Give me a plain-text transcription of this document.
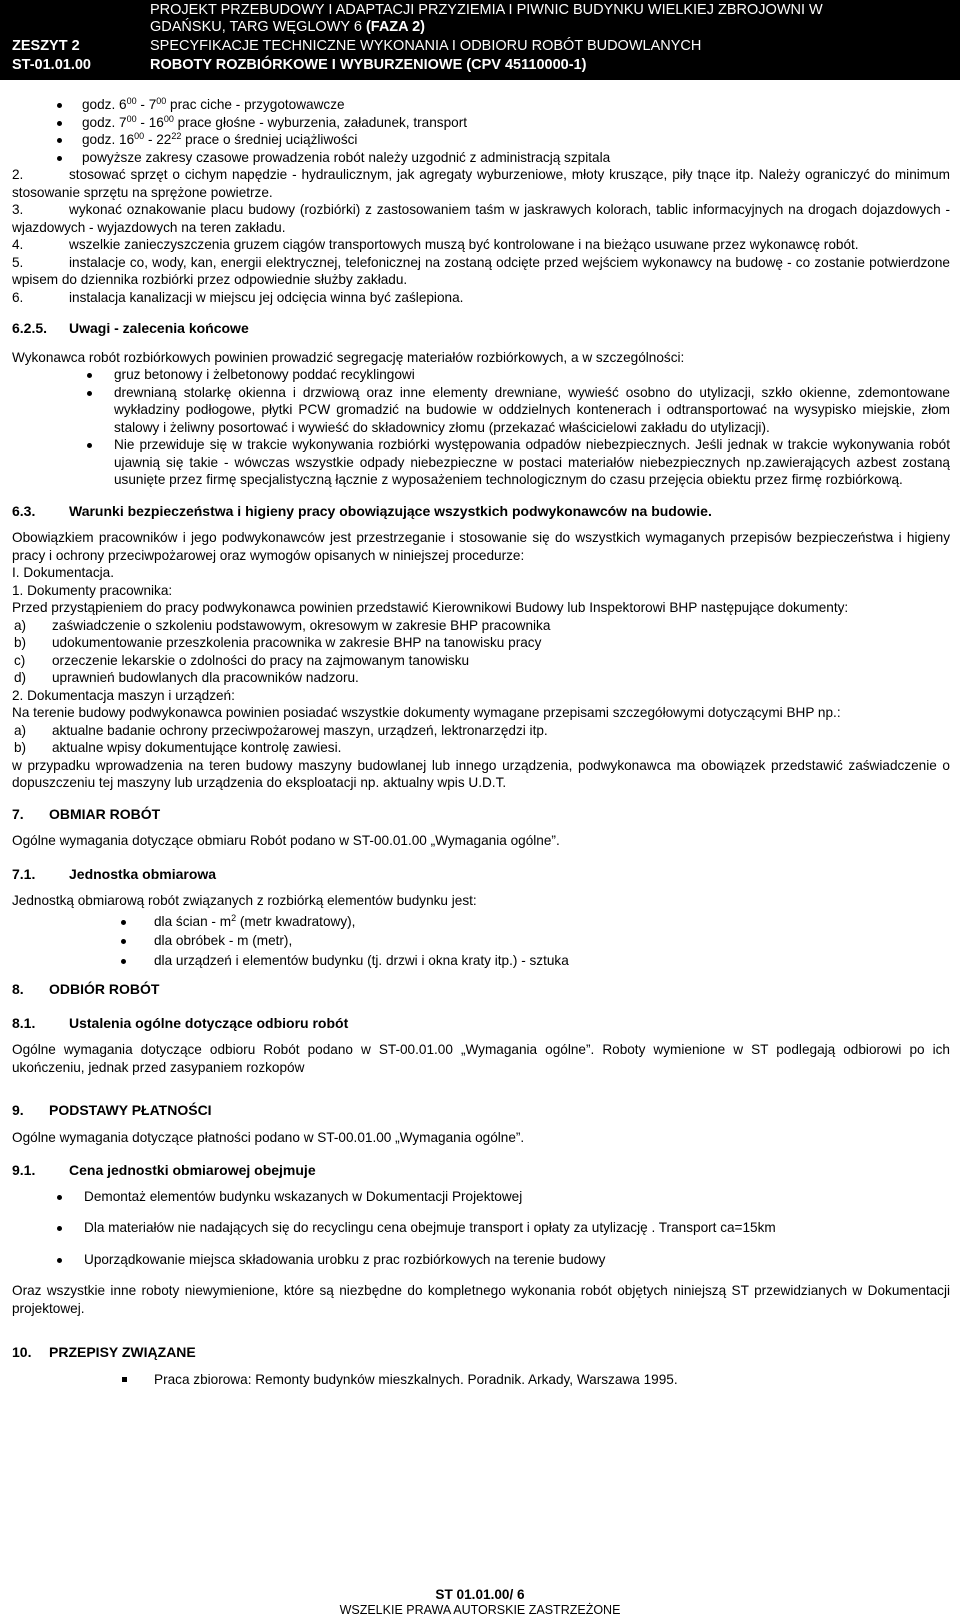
PROJEKT PRZEBUDOWY I ADAPTACJI PRZYZIEMIA I PIWNIC BUDYNKU WIELKIEJ ZBROJOWNI W
GDAŃSKU, TARG WĘGLOWY 6 (FAZA 2)
ZESZYT 2	SPECYFIKACJE TECHNICZNE WYKONANIA I ODBIORU ROBÓT BUDOWLANYCH
ST-01.01.00	ROBOTY ROZBIÓRKOWE I WYBURZENIOWE (CPV 45110000-1)
godz. $6^{00} - 7^{00}$ prac ciche - przygotowawcze
godz. $7^{00} - 16^{00}$ prace głośne - wyburzenia, załadunek, transport
godz. $16^{00} - 22^{22}$ prace o średniej uciążliwości
powyższe zakresy czasowe prowadzenia robót należy uzgodnić z administracją szpitala

2.	stosować sprzęt o cichym napędzie - hydraulicznym, jak agregaty wyburzeniowe, młoty kruszące, piły tnące itp. Należy ograniczyć do minimum stosowanie sprzętu na sprężone powietrze.

3.	wykonać oznakowanie placu budowy (rozbiórki) z zastosowaniem taśm w jaskrawych kolorach, tablic informacyjnych na drogach dojazdowych -wjazdowych - wyjazdowych na teren zakładu.

4.	wszelkie zanieczyszczenia gruzem ciągów transportowych muszą być kontrolowane i na bieżąco usuwane przez wykonawcę robót.

5.	instalacje co, wody, kan, energii elektrycznej, telefonicznej na zostaną odcięte przed wejściem wykonawcy na budowę - co zostanie potwierdzone wpisem do dziennika rozbiórki przez odpowiednie służby zakładu.

6.	instalacja kanalizacji w miejscu jej odcięcia winna być zaślepiona.

6.2.5. Uwagi - zalecenia końcowe

Wykonawca robót rozbiórkowych powinien prowadzić segregację materiałów rozbiórkowych, a w szczególności:

gruz betonowy i żelbetonowy poddać recyklingowi
drewnianą stolarkę okienna i drzwiową oraz inne elementy drewniane, wywieść osobno do utylizacji, szkło okienne, zdemontowane wykładziny podłogowe, płytki PCW gromadzić na budowie w oddzielnych kontenerach i odtransportować na wysypisko miejskie, złom stalowy i żeliwny posortować i wywieść do składownicy złomu (przekazać właścicielowi zakładu do utylizacji).
Nie przewiduje się w trakcie wykonywania rozbiórki występowania odpadów niebezpiecznych. Jeśli jednak w trakcie wykonywania robót ujawnią się takie - wówczas wszystkie odpady niebezpieczne w postaci materiałów niebezpiecznych np.zawierających azbest zostaną usunięte przez firmę specjalistyczną łącznie z wyposażeniem technologicznym do czasu przejęcia obiektu przez firmę rozbiórkową.

6.3. Warunki bezpieczeństwa i higieny pracy obowiązujące wszystkich podwykonawców na budowie.

Obowiązkiem pracowników i jego podwykonawców jest przestrzeganie i stosowanie się do wszystkich wymaganych przepisów bezpieczeństwa i higieny pracy i ochrony przeciwpożarowej oraz wymogów opisanych w niniejszej procedurze:

I. Dokumentacja.

1. Dokumenty pracownika:

Przed przystąpieniem do pracy podwykonawca powinien przedstawić Kierownikowi Budowy lub Inspektorowi BHP następujące dokumenty:

a) zaświadczenie o szkoleniu podstawowym, okresowym w zakresie BHP pracownika

b) udokumentowanie przeszkolenia pracownika w zakresie BHP na tanowisku pracy

c) orzeczenie lekarskie o zdolności do pracy na zajmowanym tanowisku

d) uprawnień budowlanych dla pracowników nadzoru.

2. Dokumentacja maszyn i urządzeń:

Na terenie budowy podwykonawca powinien posiadać wszystkie dokumenty wymagane przepisami szczegółowymi dotyczącymi BHP np.:

a) aktualne badanie ochrony przeciwpożarowej maszyn, urządzeń, lektronarzędzi itp.

b) aktualne wpisy dokumentujące kontrolę zawiesi.

w przypadku wprowadzenia na teren budowy maszyny budowlanej lub innego urządzenia, podwykonawca ma obowiązek przedstawić zaświadczenie o dopuszczeniu tej maszyny lub urządzenia do eksploatacji np. aktualny wpis U.D.T.

7. OBMIAR ROBÓT

Ogólne wymagania dotyczące obmiaru Robót podano w ST-00.01.00 „Wymagania ogólne”.

7.1. Jednostka obmiarowa

Jednostką obmiarową robót związanych z rozbiórką elementów budynku jest:

dla ścian - $m^2$ (metr kwadratowy),
dla obróbek - m (metr),
dla urządzeń i elementów budynku (tj. drzwi i okna kraty itp.) - sztuka

8. ODBIÓR ROBÓT

8.1. Ustalenia ogólne dotyczące odbioru robót

Ogólne wymagania dotyczące odbioru Robót podano w ST-00.01.00 „Wymagania ogólne”. Roboty wymienione w ST podlegają odbiorowi po ich ukończeniu, jednak przed zasypaniem rozkopów

9. PODSTAWY PŁATNOŚCI

Ogólne wymagania dotyczące płatności podano w ST-00.01.00 „Wymagania ogólne”.

9.1. Cena jednostki obmiarowej obejmuje

Demontaż elementów budynku wskazanych w Dokumentacji Projektowej
Dla materiałów nie nadających się do recyclingu cena obejmuje transport i opłaty za utylizację . Transport ca=15km
Uporządkowanie miejsca składowania urobku z prac rozbiórkowych na terenie budowy

Oraz wszystkie inne roboty niewymienione, które są niezbędne do kompletnego wykonania robót objętych niniejszą ST przewidzianych w Dokumentacji projektowej.

10. PRZEPISY ZWIĄZANE

Praca zbiorowa: Remonty budynków mieszkalnych. Poradnik. Arkady, Warszawa 1995.
ST 01.01.00/ 6
WSZELKIE PRAWA AUTORSKIE ZASTRZEŻONE
